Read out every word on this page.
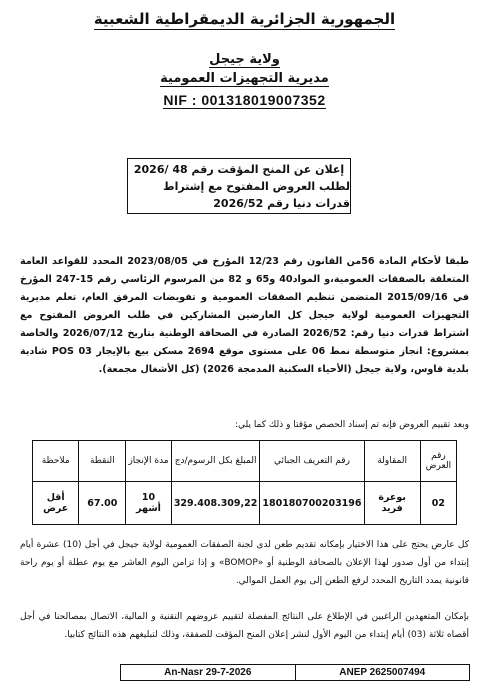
الجمهورية الجزائرية الديمقراطية الشعبية
ولاية جيجل
مديرية التجهيزات العمومية
NIF : 001318019007352
إعلان عن المنح المؤقت رقم 48 /2026
لطلب العروض المفتوح مع إشتراط قدرات دنيا رقم 2026/52
طبقا لأحكام المادة 56من القانون رقم 12/23 المؤرخ في 2023/08/05 المحدد للقواعد العامة المتعلقة بالصفقات العمومية،و المواد40 و65 و 82 من المرسوم الرئاسي رقم 15-247 المؤرخ في 2015/09/16 المتضمن تنظيم الصفقات العمومية و تفويضات المرفق العام، تعلم مديرية التجهيزات العمومية لولاية جيجل كل العارضين المشاركين في طلب العروض المفتوح مع اشتراط قدرات دنيا رقم: 2026/52 الصادرة في الصحافة الوطنية بتاريخ 2026/07/12 والخاصة بمشروع: انجاز متوسطة نمط 06 على مستوى موقع 2694 مسكن بيع بالإيجار POS 03 شادية بلدية قاوس، ولاية جيجل (الأحياء السكنية المدمجة 2026) (كل الأشغال مجمعة).
وبعد تقييم العروض فإنه تم إسناد الحصص مؤقتا و ذلك كما يلي:
رقم العرض	المقاولة	رقم التعريف الجبائي	المبلغ بكل الرسوم/دج	مدة الإنجاز	النقطة	ملاحظة
02	بوعرة فريد	180180700203196	329.408.309,22	10 أشهر	67.00	أقل عرض
كل عارض يحتج على هذا الاختيار بإمكانه تقديم طعن لدى لجنة الصفقات العمومية لولاية جيجل في أجل (10) عشرة أيام إبتداء من أول صدور لهذا الإعلان بالصحافة الوطنية أو «BOMOP» و إذا تزامن اليوم العاشر مع يوم عطلة أو يوم راحة قانونية يمدد التاريخ المحدد لرفع الطعن إلى يوم العمل الموالي.
بإمكان المتعهدين الراغبين في الإطلاع على النتائج المفصلة لتقييم عروضهم التقنية و المالية، الاتصال بمصالحنا في أجل أقصاه ثلاثة (03) أيام إبتداء من اليوم الأول لنشر إعلان المنح المؤقت للصفقة، وذلك لتبليغهم هذه النتائج كتابيا.
An-Nasr 29-7-2026	ANEP 2625007494
